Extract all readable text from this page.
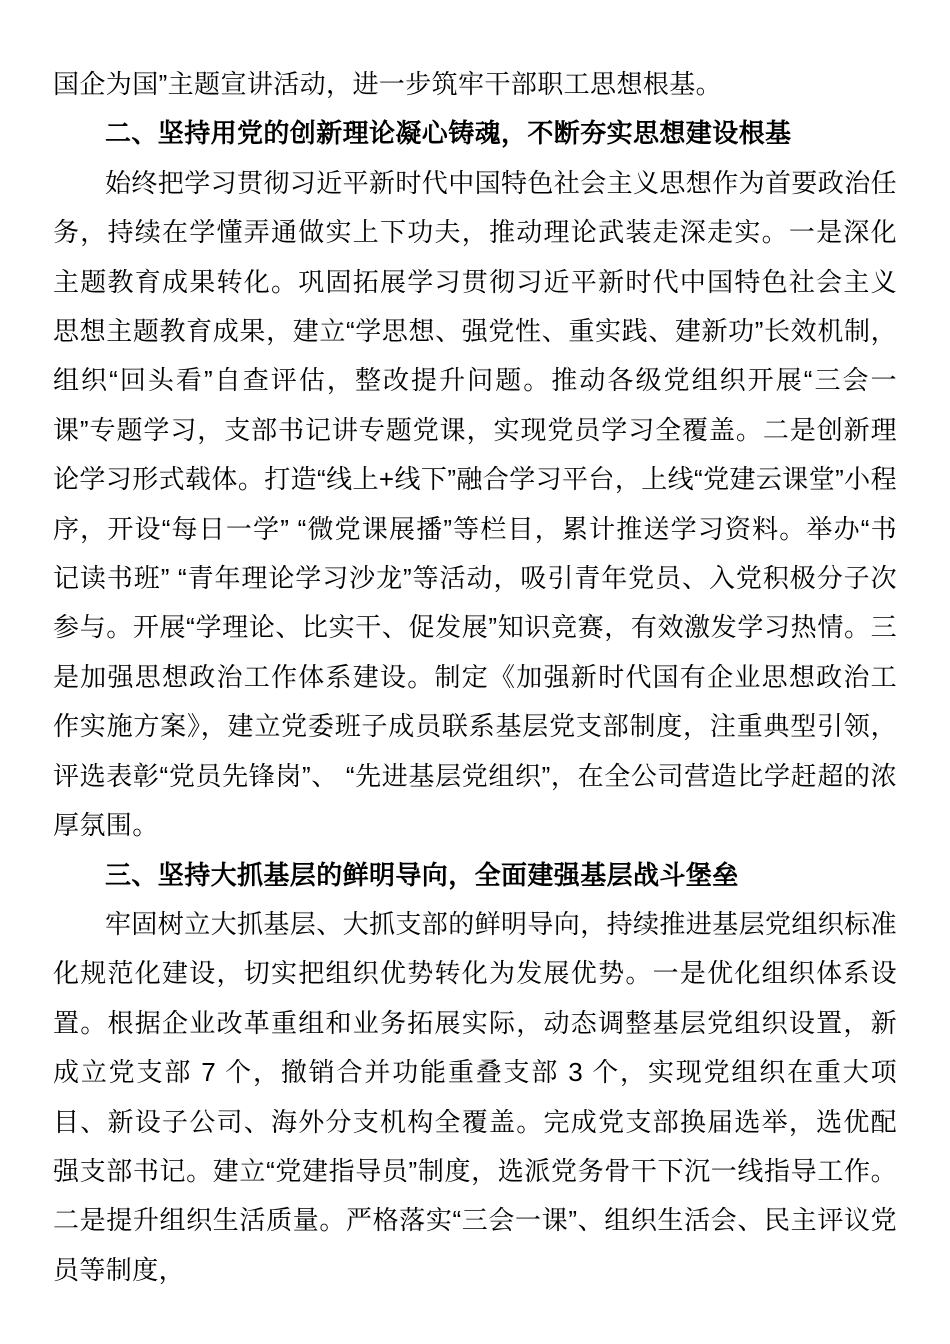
国企为国”主题宣讲活动，进一步筑牢干部职工思想根基。

二、坚持用党的创新理论凝心铸魂，不断夯实思想建设根基

始终把学习贯彻习近平新时代中国特色社会主义思想作为首要政治任务，持续在学懂弄通做实上下功夫，推动理论武装走深走实。一是深化主题教育成果转化。巩固拓展学习贯彻习近平新时代中国特色社会主义思想主题教育成果，建立“学思想、强党性、重实践、建新功”长效机制，组织“回头看”自查评估，整改提升问题。推动各级党组织开展“三会一课”专题学习，支部书记讲专题党课，实现党员学习全覆盖。二是创新理论学习形式载体。打造“线上+线下”融合学习平台，上线“党建云课堂”小程序，开设“每日一学” “微党课展播”等栏目，累计推送学习资料。举办“书记读书班” “青年理论学习沙龙”等活动，吸引青年党员、入党积极分子次参与。开展“学理论、比实干、促发展”知识竞赛，有效激发学习热情。三是加强思想政治工作体系建设。制定《加强新时代国有企业思想政治工作实施方案》，建立党委班子成员联系基层党支部制度，注重典型引领，评选表彰“党员先锋岗”、 “先进基层党组织”，在全公司营造比学赶超的浓厚氛围。

三、坚持大抓基层的鲜明导向，全面建强基层战斗堡垒

牢固树立大抓基层、大抓支部的鲜明导向，持续推进基层党组织标准化规范化建设，切实把组织优势转化为发展优势。一是优化组织体系设置。根据企业改革重组和业务拓展实际，动态调整基层党组织设置，新成立党支部 7 个，撤销合并功能重叠支部 3 个，实现党组织在重大项目、新设子公司、海外分支机构全覆盖。完成党支部换届选举，选优配强支部书记。建立“党建指导员”制度，选派党务骨干下沉一线指导工作。二是提升组织生活质量。严格落实“三会一课”、组织生活会、民主评议党员等制度，
